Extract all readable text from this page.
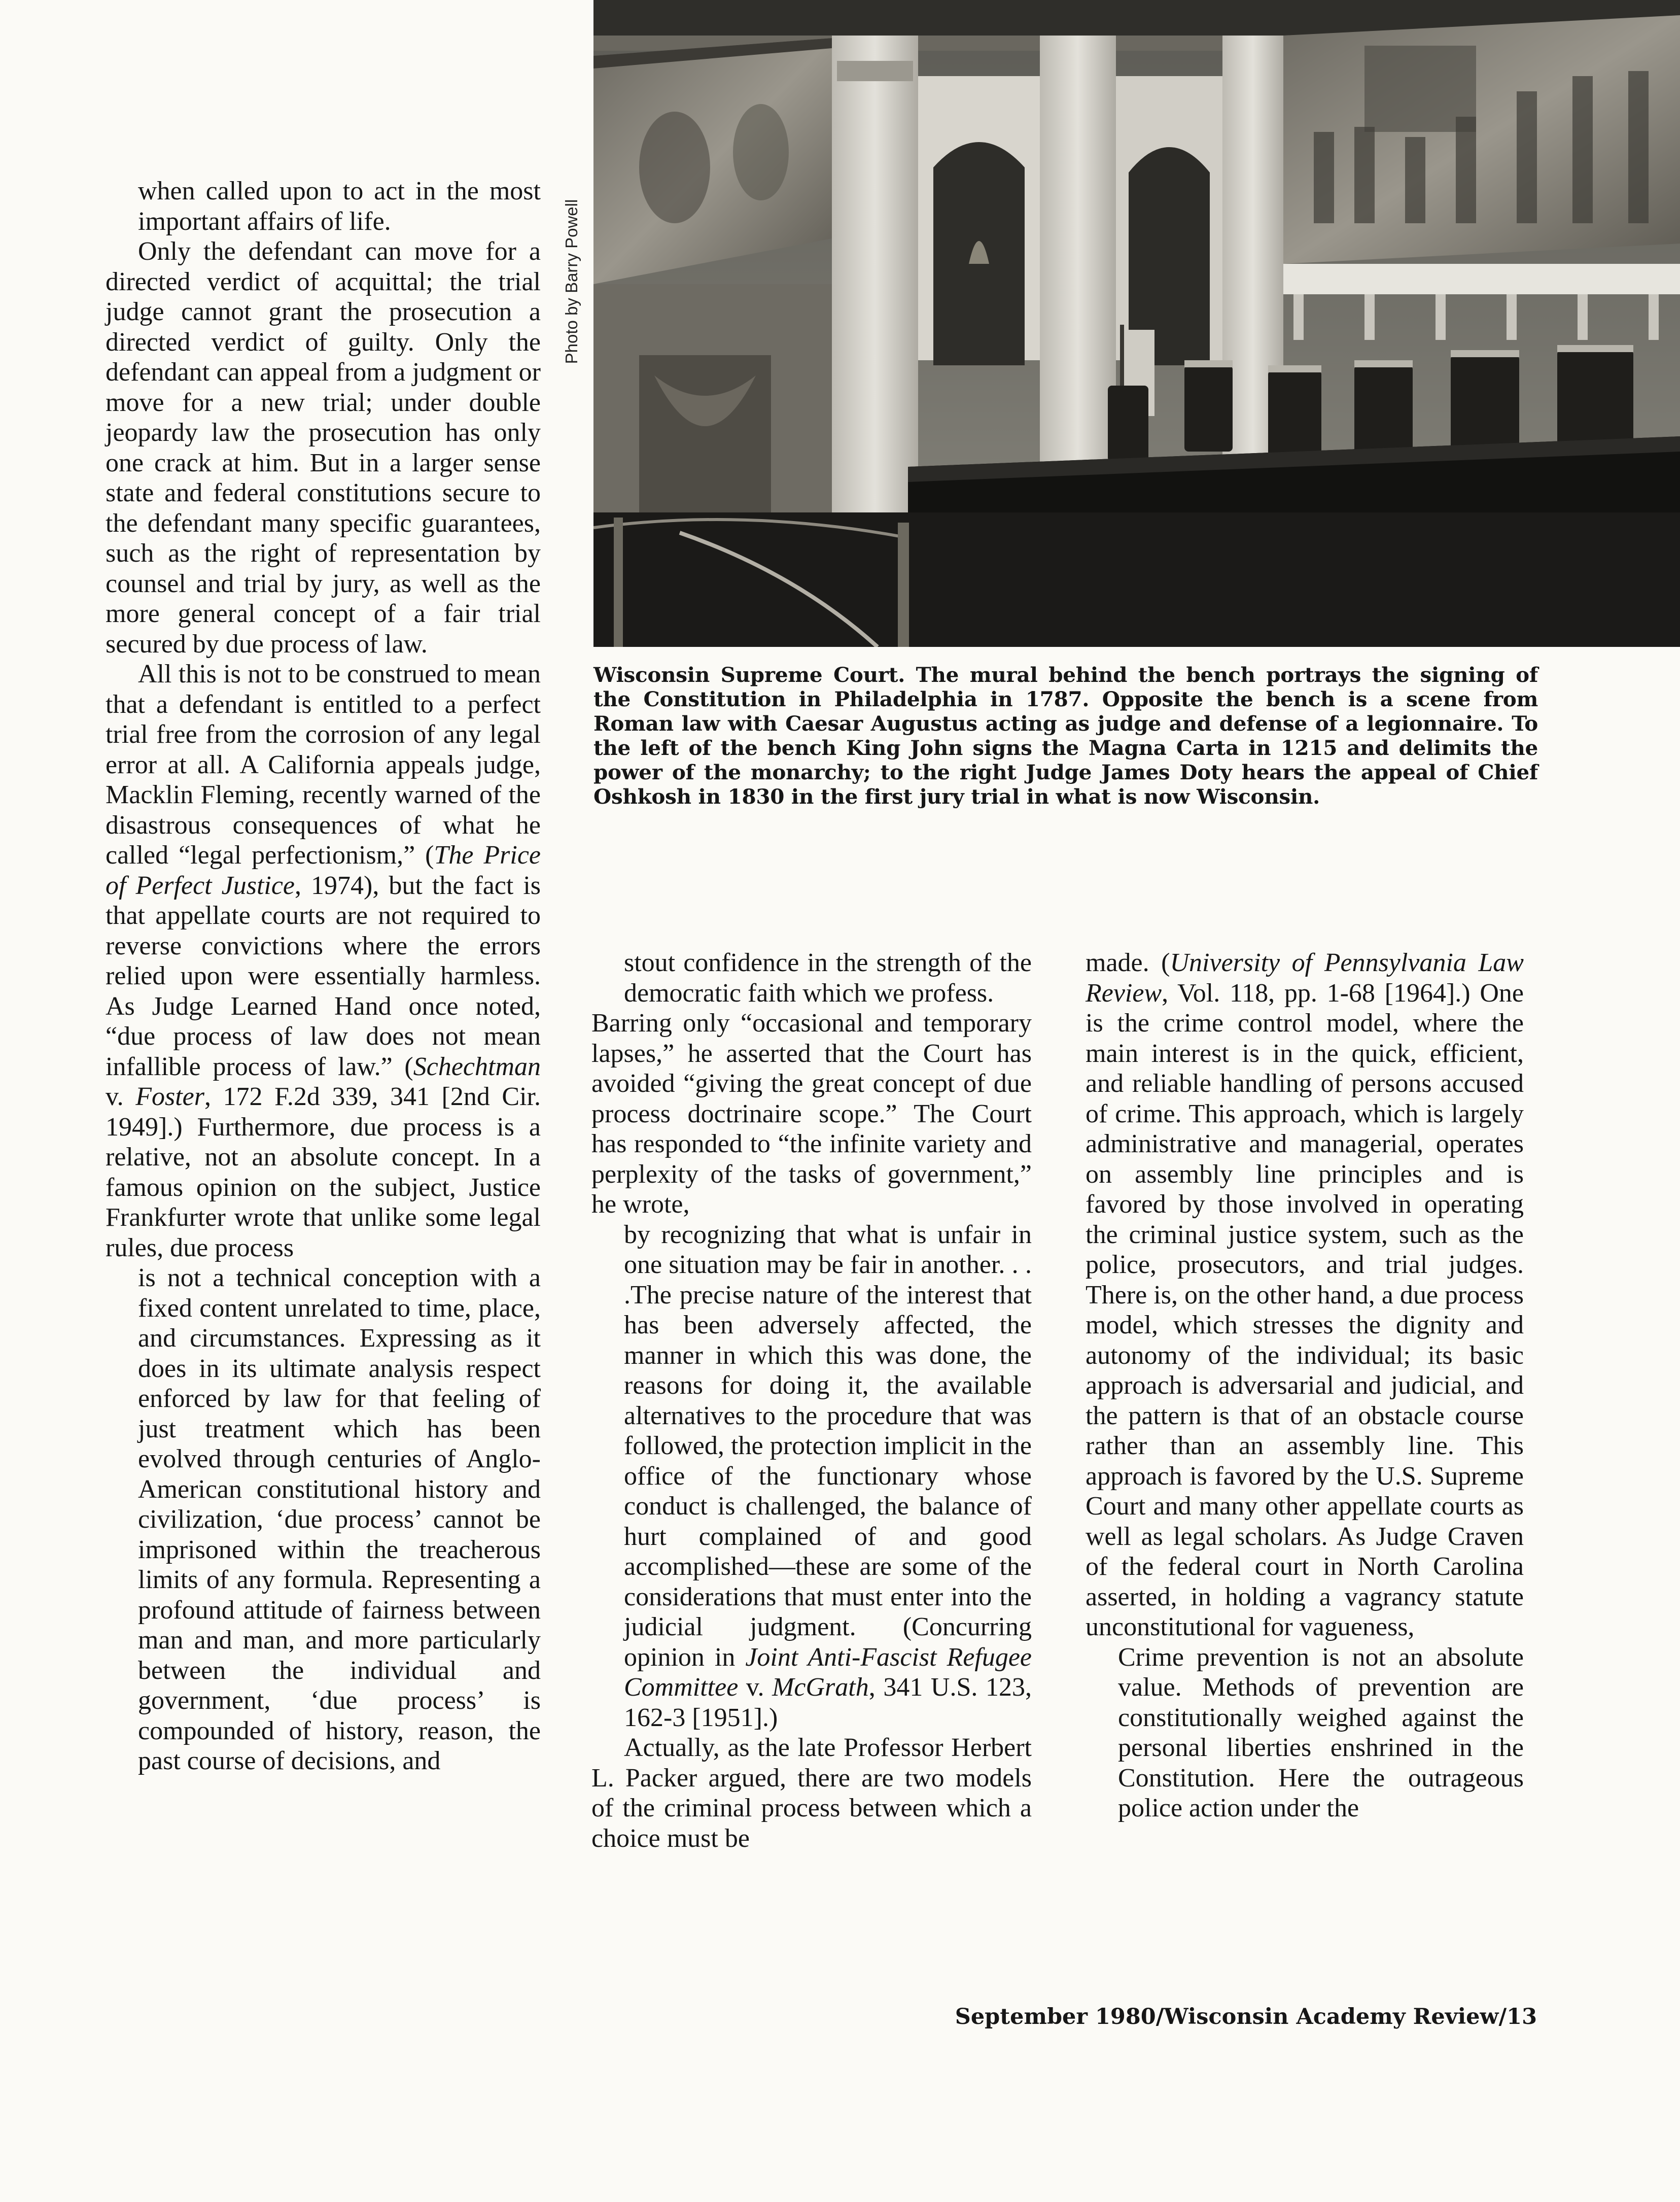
Photo by Barry Powell
Wisconsin Supreme Court. The mural behind the bench portrays the signing of the Constitution in Philadelphia in 1787. Opposite the bench is a scene from Roman law with Caesar Augustus acting as judge and defense of a legionnaire. To the left of the bench King John signs the Magna Carta in 1215 and delimits the power of the monarchy; to the right Judge James Doty hears the appeal of Chief Oshkosh in 1830 in the first jury trial in what is now Wisconsin.

when called upon to act in the most important affairs of life.

Only the defendant can move for a directed verdict of acquittal; the trial judge cannot grant the prosecution a directed verdict of guilty. Only the defendant can appeal from a judgment or move for a new trial; under double jeopardy law the prosecution has only one crack at him. But in a larger sense state and federal constitutions secure to the defendant many specific guarantees, such as the right of representation by counsel and trial by jury, as well as the more general concept of a fair trial secured by due process of law.

All this is not to be construed to mean that a defendant is entitled to a perfect trial free from the corrosion of any legal error at all. A California appeals judge, Macklin Fleming, recently warned of the disastrous consequences of what he called “legal perfectionism,” (The Price of Perfect Justice, 1974), but the fact is that appellate courts are not required to reverse convictions where the errors relied upon were essentially harmless. As Judge Learned Hand once noted, “due process of law does not mean infallible process of law.” (Schechtman v. Foster, 172 F.2d 339, 341 [2nd Cir. 1949].) Furthermore, due process is a relative, not an absolute concept. In a famous opinion on the subject, Justice Frankfurter wrote that unlike some legal rules, due process

is not a technical conception with a fixed content unrelated to time, place, and circumstances. Expressing as it does in its ultimate analysis respect enforced by law for that feeling of just treatment which has been evolved through centuries of Anglo-American constitutional history and civilization, ‘due process’ cannot be imprisoned within the treacherous limits of any formula. Representing a profound attitude of fairness between man and man, and more particularly between the individual and government, ‘due process’ is compounded of history, reason, the past course of decisions, and

stout confidence in the strength of the democratic faith which we profess.

Barring only “occasional and temporary lapses,” he asserted that the Court has avoided “giving the great concept of due process doctrinaire scope.” The Court has responded to “the infinite variety and perplexity of the tasks of government,” he wrote,

by recognizing that what is unfair in one situation may be fair in another. . . .The precise nature of the interest that has been adversely affected, the manner in which this was done, the reasons for doing it, the available alternatives to the procedure that was followed, the protection implicit in the office of the functionary whose conduct is challenged, the balance of hurt complained of and good accomplished—these are some of the considerations that must enter into the judicial judgment. (Concurring opinion in Joint Anti-Fascist Refugee Committee v. McGrath, 341 U.S. 123, 162-3 [1951].)

Actually, as the late Professor Herbert L. Packer argued, there are two models of the criminal process between which a choice must be

made. (University of Pennsylvania Law Review, Vol. 118, pp. 1-68 [1964].) One is the crime control model, where the main interest is in the quick, efficient, and reliable handling of persons accused of crime. This approach, which is largely administrative and managerial, operates on assembly line principles and is favored by those involved in operating the criminal justice system, such as the police, prosecutors, and trial judges. There is, on the other hand, a due process model, which stresses the dignity and autonomy of the individual; its basic approach is adversarial and judicial, and the pattern is that of an obstacle course rather than an assembly line. This approach is favored by the U.S. Supreme Court and many other appellate courts as well as legal scholars. As Judge Craven of the federal court in North Carolina asserted, in holding a vagrancy statute unconstitutional for vagueness,

Crime prevention is not an absolute value. Methods of prevention are constitutionally weighed against the personal liberties enshrined in the Constitution. Here the outrageous police action under the

September 1980/Wisconsin Academy Review/13
